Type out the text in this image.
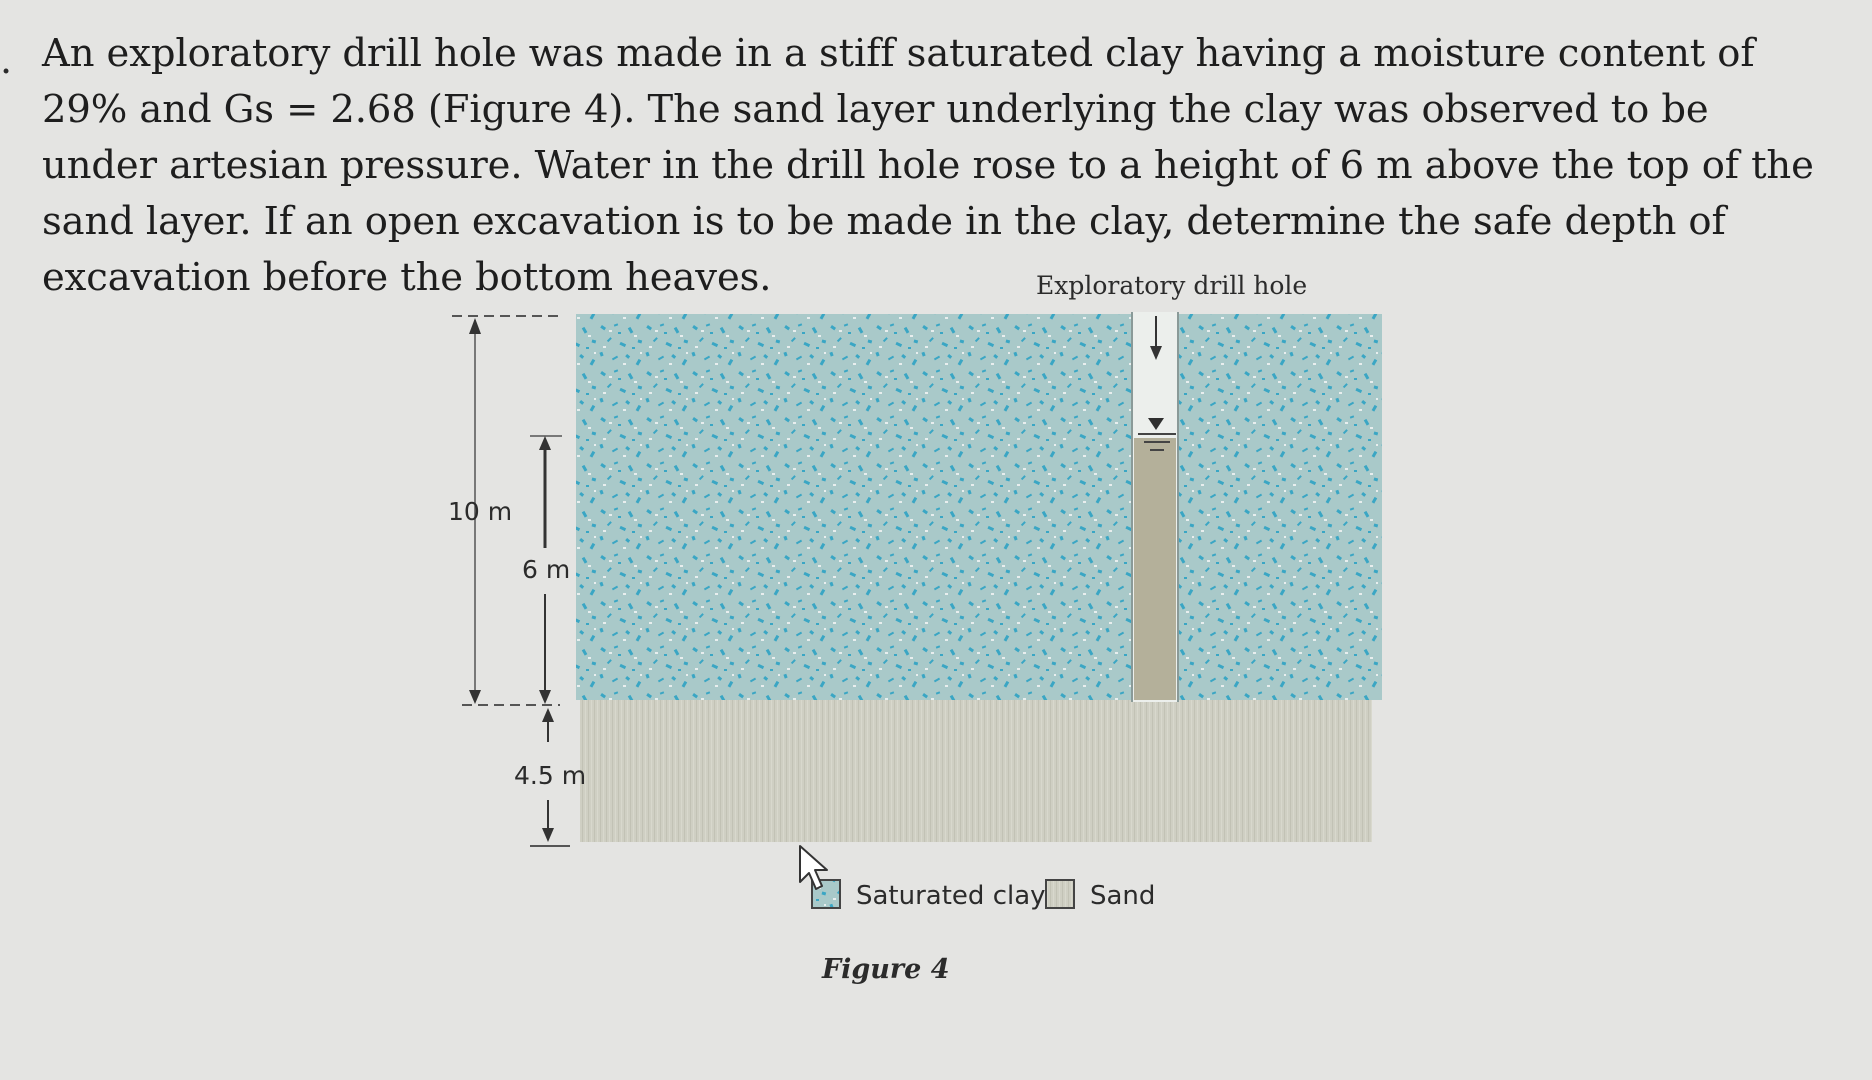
. An exploratory drill hole was made in a stiff saturated clay having a moisture content of 29% and Gs = 2.68 (Figure 4). The sand layer underlying the clay was observed to be under artesian pressure. Water in the drill hole rose to a height of 6 m above the top of the sand layer. If an open excavation is to be made in the clay, determine the safe depth of excavation before the bottom heaves.

10 m
6 m
4.5 m
Exploratory drill hole
Saturated clay Sand
Figure 4
